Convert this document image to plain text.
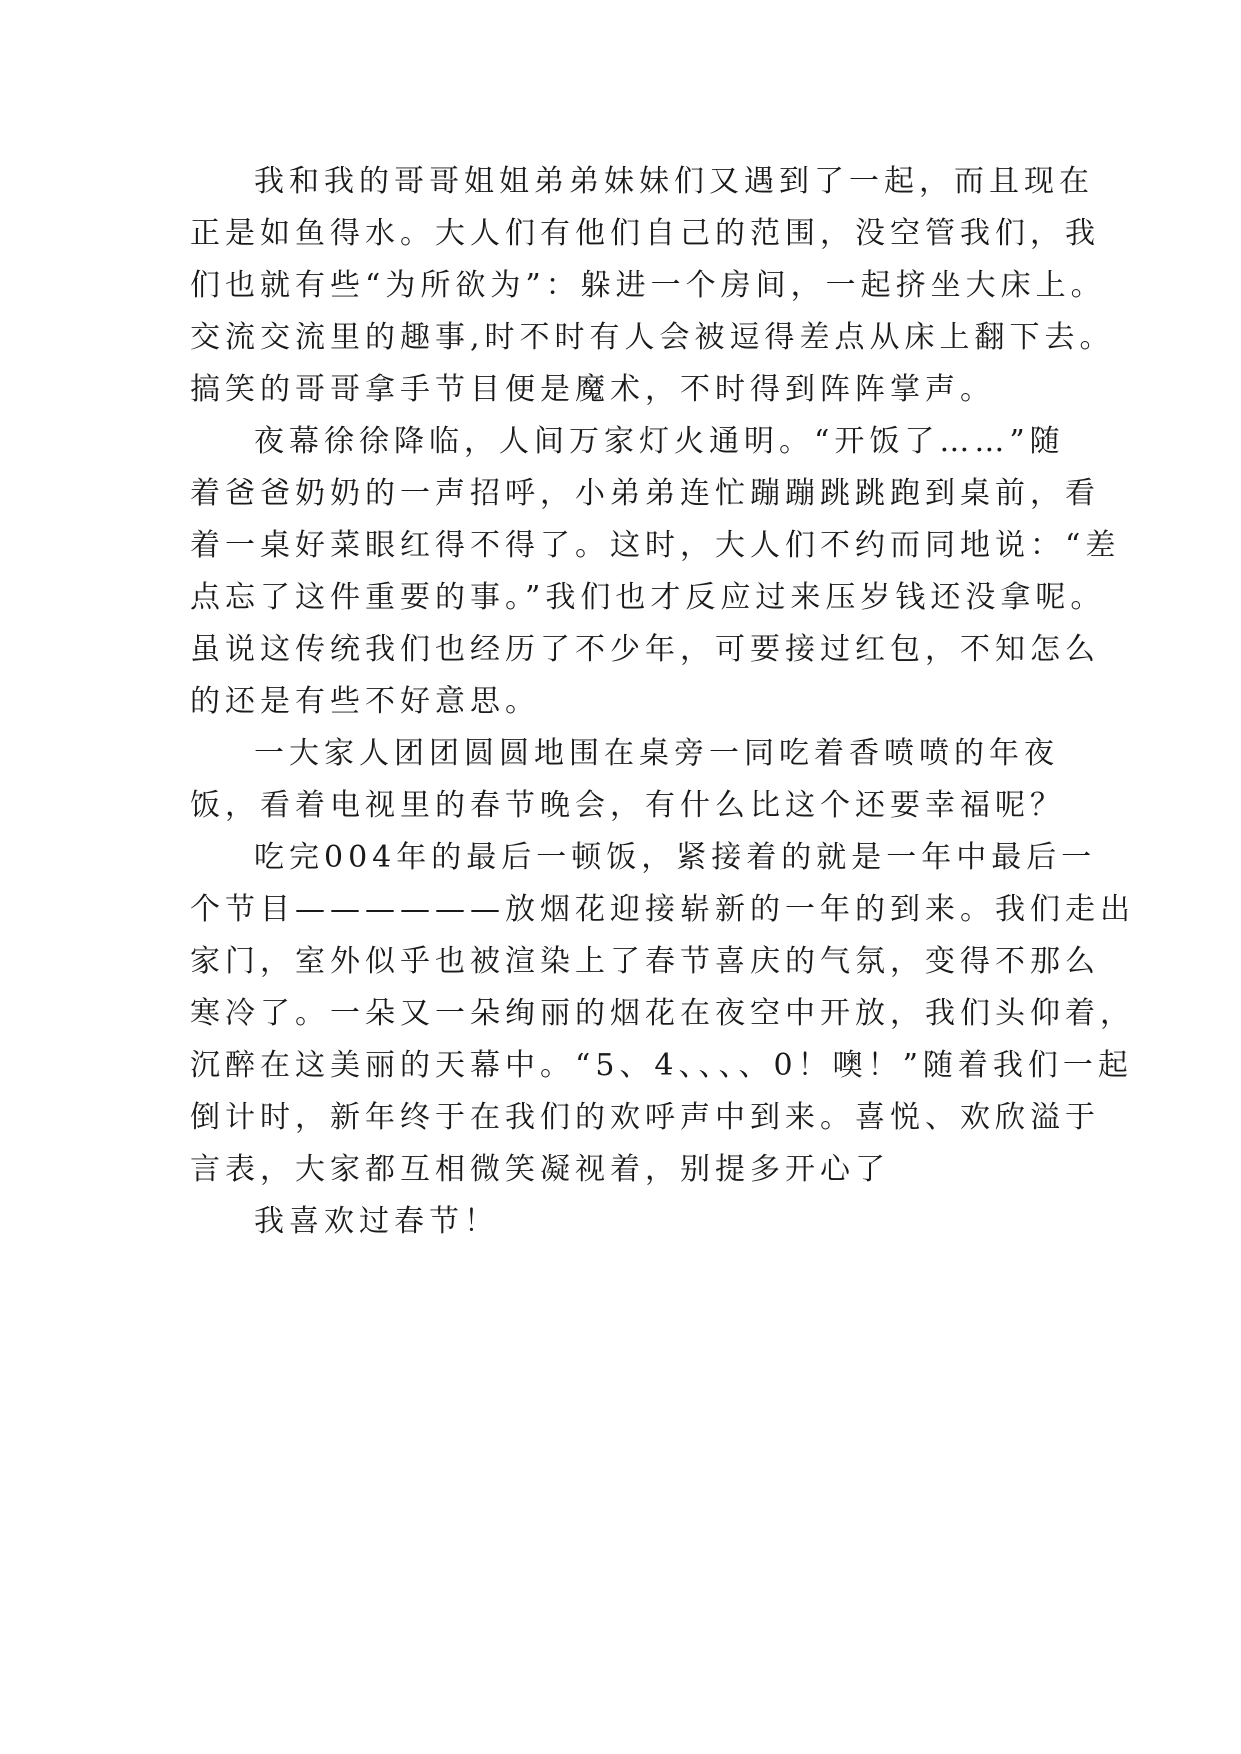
我和我的哥哥姐姐弟弟妹妹们又遇到了一起，而且现在
正是如鱼得水。大人们有他们自己的范围，没空管我们，我
们也就有些“为所欲为”：躲进一个房间，一起挤坐大床上。
交流交流里的趣事,时不时有人会被逗得差点从床上翻下去。
搞笑的哥哥拿手节目便是魔术，不时得到阵阵掌声。
夜幕徐徐降临，人间万家灯火通明。“开饭了……”随
着爸爸奶奶的一声招呼，小弟弟连忙蹦蹦跳跳跑到桌前，看
着一桌好菜眼红得不得了。这时，大人们不约而同地说：“差
点忘了这件重要的事。”我们也才反应过来压岁钱还没拿呢。
虽说这传统我们也经历了不少年，可要接过红包，不知怎么
的还是有些不好意思。
一大家人团团圆圆地围在桌旁一同吃着香喷喷的年夜
饭，看着电视里的春节晚会，有什么比这个还要幸福呢？
吃完004年的最后一顿饭，紧接着的就是一年中最后一
个节目——————放烟花迎接崭新的一年的到来。我们走出
家门，室外似乎也被渲染上了春节喜庆的气氛，变得不那么
寒冷了。一朵又一朵绚丽的烟花在夜空中开放，我们头仰着，
沉醉在这美丽的天幕中。“5、4、、、、0！噢！”随着我们一起
倒计时，新年终于在我们的欢呼声中到来。喜悦、欢欣溢于
言表，大家都互相微笑凝视着，别提多开心了
我喜欢过春节！
